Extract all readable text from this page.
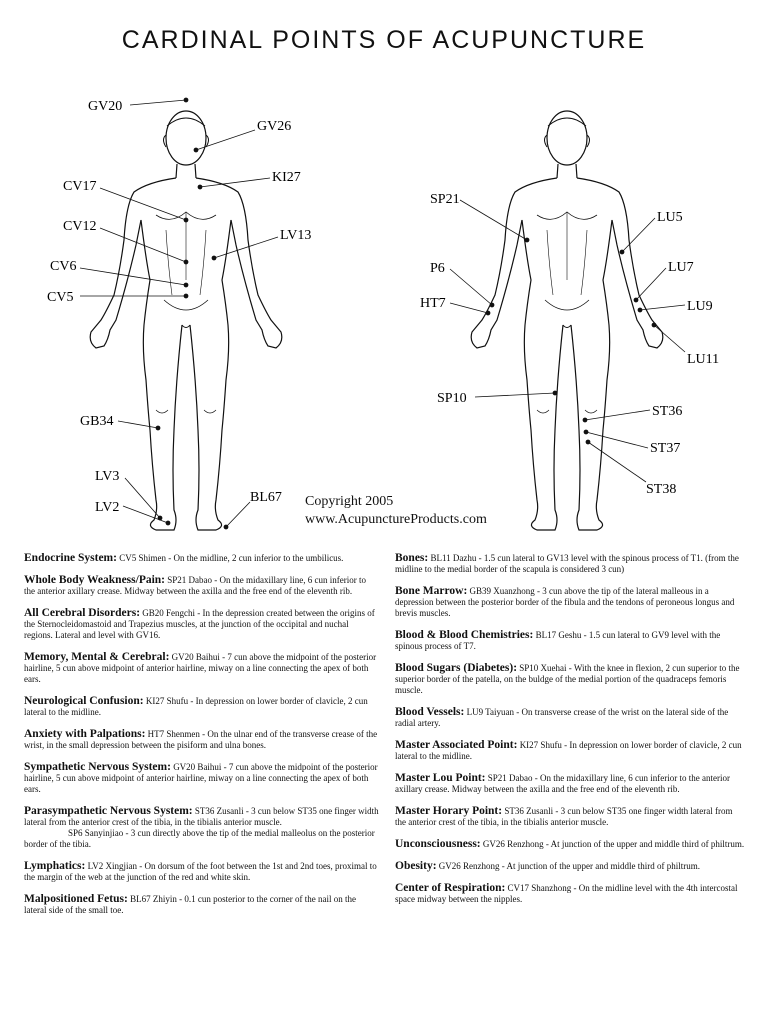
CARDINAL POINTS OF ACUPUNCTURE
GV20
GV26
KI27
CV17
CV12
LV13
CV6
CV5
GB34
LV3
LV2
BL67
SP21
LU5
P6	LU7
HT7	LU9
LU11
SP10
ST36
ST37
ST38
Copyright 2005
www.AcupunctureProducts.com
Endocrine System: CV5 Shimen - On the midline, 2 cun inferior to the umbilicus.
Whole Body Weakness/Pain: SP21 Dabao - On the midaxillary line, 6 cun inferior to the anterior axillary crease. Midway between the axilla and the free end of the eleventh rib.
All Cerebral Disorders: GB20 Fengchi - In the depression created between the origins of the Sternocleidomastoid and Trapezius muscles, at the junction of the occipital and nuchal regions. Lateral and level with GV16.
Memory, Mental & Cerebral: GV20 Baihui - 7 cun above the midpoint of the posterior hairline, 5 cun above midpoint of anterior hairline, miway on a line connecting the apex of both ears.
Neurological Confusion: KI27 Shufu - In depression on lower border of clavicle, 2 cun lateral to the midline.
Anxiety with Palpations: HT7 Shenmen - On the ulnar end of the transverse crease of the wrist, in the small depression between the pisiform and ulna bones.
Sympathetic Nervous System: GV20 Baihui - 7 cun above the midpoint of the posterior hairline, 5 cun above midpoint of anterior hairline, miway on a line connecting the apex of both ears.
Parasympathetic Nervous System: ST36 Zusanli - 3 cun below ST35 one finger width lateral from the anterior crest of the tibia, in the tibialis anterior muscle.
SP6 Sanyinjiao - 3 cun directly above the tip of the medial malleolus on the posterior border of the tibia.
Lymphatics: LV2 Xingjian - On dorsum of the foot between the 1st and 2nd toes, proximal to the margin of the web at the junction of the red and white skin.
Malpositioned Fetus: BL67 Zhiyin - 0.1 cun posterior to the corner of the nail on the lateral side of the small toe.
Bones: BL11 Dazhu - 1.5 cun lateral to GV13 level with the spinous process of T1. (from the midline to the medial border of the scapula is considered 3 cun)
Bone Marrow: GB39 Xuanzhong - 3 cun above the tip of the lateral malleous in a depression between the posterior border of the fibula and the tendons of peroneous longus and brevis muscles.
Blood & Blood Chemistries: BL17 Geshu - 1.5 cun lateral to GV9 level with the spinous process of T7.
Blood Sugars (Diabetes): SP10 Xuehai - With the knee in flexion, 2 cun superior to the superior border of the patella, on the buldge of the medial portion of the quadraceps femoris muscle.
Blood Vessels: LU9 Taiyuan - On transverse crease of the wrist on the lateral side of the radial artery.
Master Associated Point: KI27 Shufu - In depression on lower border of clavicle, 2 cun lateral to the midline.
Master Lou Point: SP21 Dabao - On the midaxillary line, 6 cun inferior to the anterior axillary crease. Midway between the axilla and the free end of the eleventh rib.
Master Horary Point: ST36 Zusanli - 3 cun below ST35 one finger width lateral from the anterior crest of the tibia, in the tibialis anterior muscle.
Unconsciousness: GV26 Renzhong - At junction of the upper and middle third of philtrum.
Obesity: GV26 Renzhong - At junction of the upper and middle third of philtrum.
Center of Respiration: CV17 Shanzhong - On the midline level with the 4th intercostal space midway between the nipples.
